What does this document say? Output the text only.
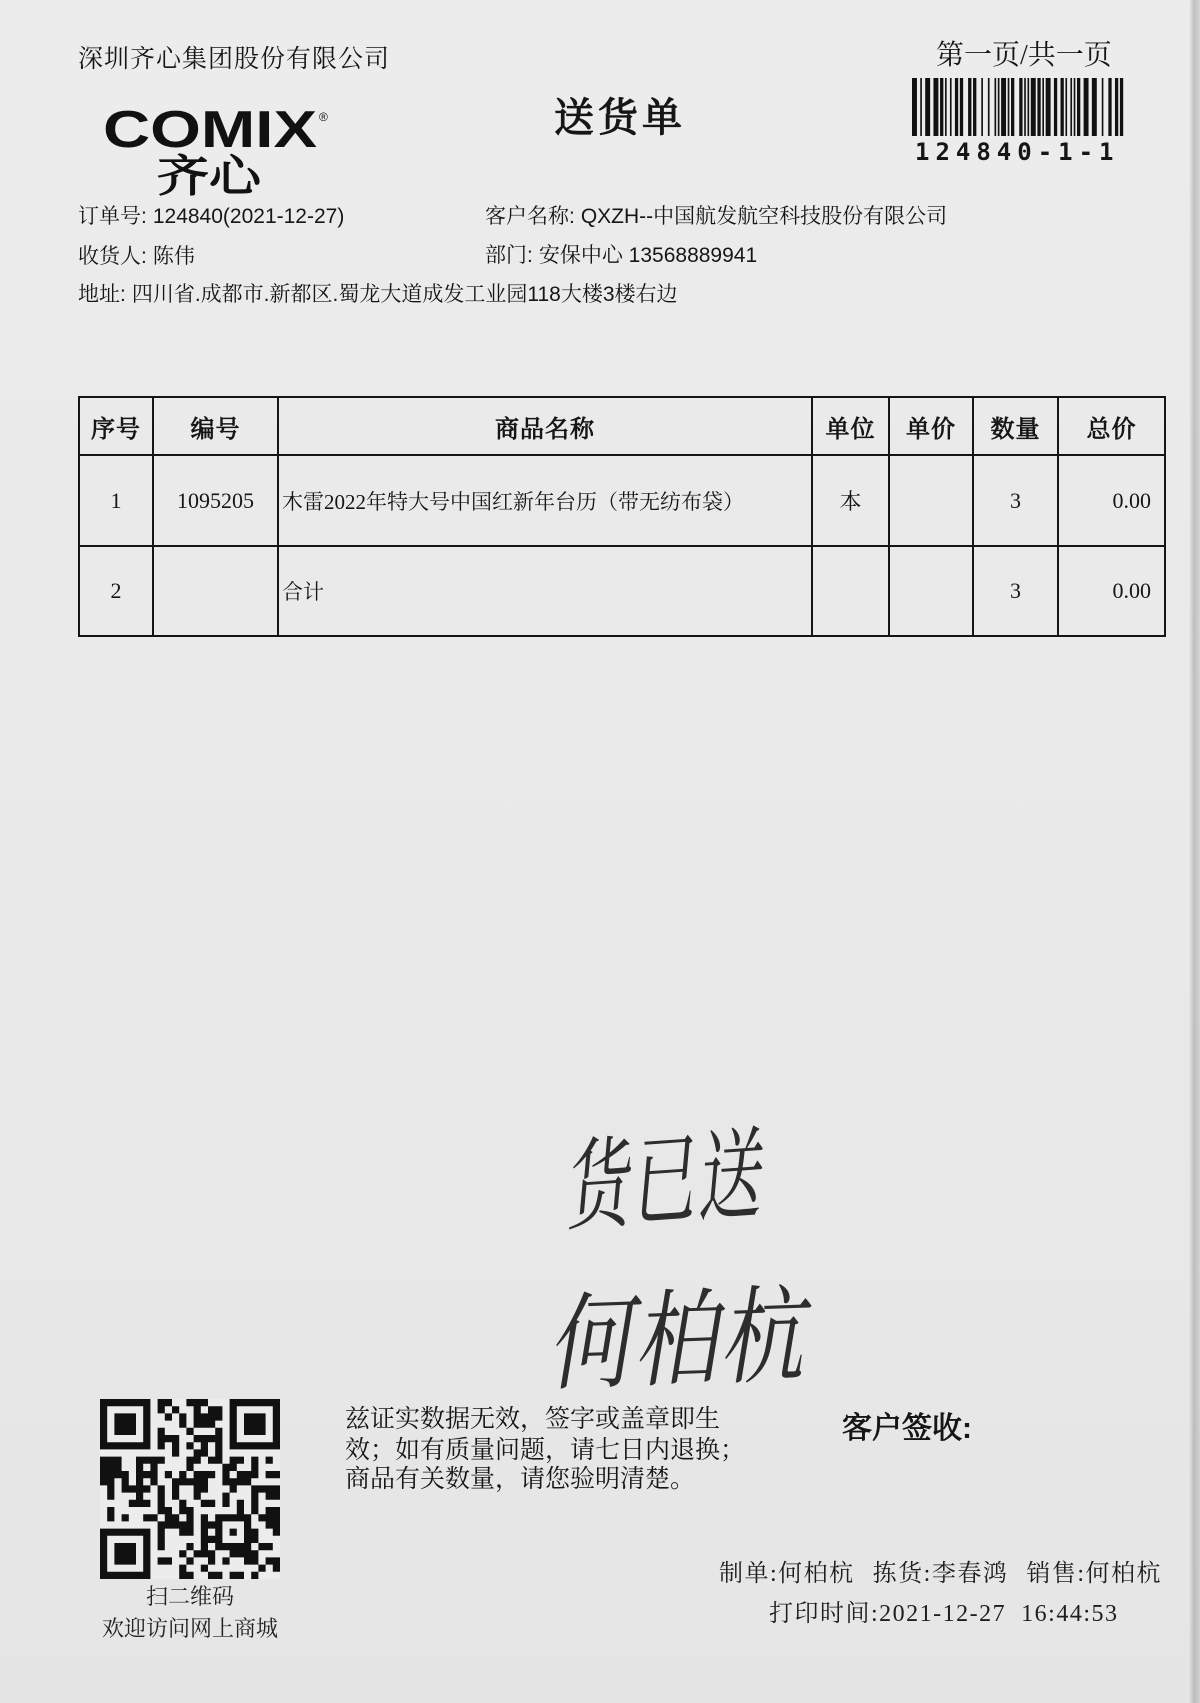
深圳齐心集团股份有限公司	第一页/共一页
124840-1-1
COMIX ®
齐心
送货单
订单号: 124840(2021-12-27)	客户名称: QXZH--中国航发航空科技股份有限公司
收货人: 陈伟	部门: 安保中心 13568889941
地址: 四川省.成都市.新都区.蜀龙大道成发工业园118大楼3楼右边
序号	编号	商品名称	单位	单价	数量	总价
1	1095205	木雷2022年特大号中国红新年台历（带无纺布袋）	本		3	0.00
2		合计			3	0.00
货已送
何柏杭
扫二维码
欢迎访问网上商城
兹证实数据无效，签字或盖章即生
效；如有质量问题，请七日内退换；
商品有关数量，请您验明清楚。
客户签收:
制单:何柏杭 拣货:李春鸿 销售:何柏杭
打印时间:2021-12-27  16:44:53
